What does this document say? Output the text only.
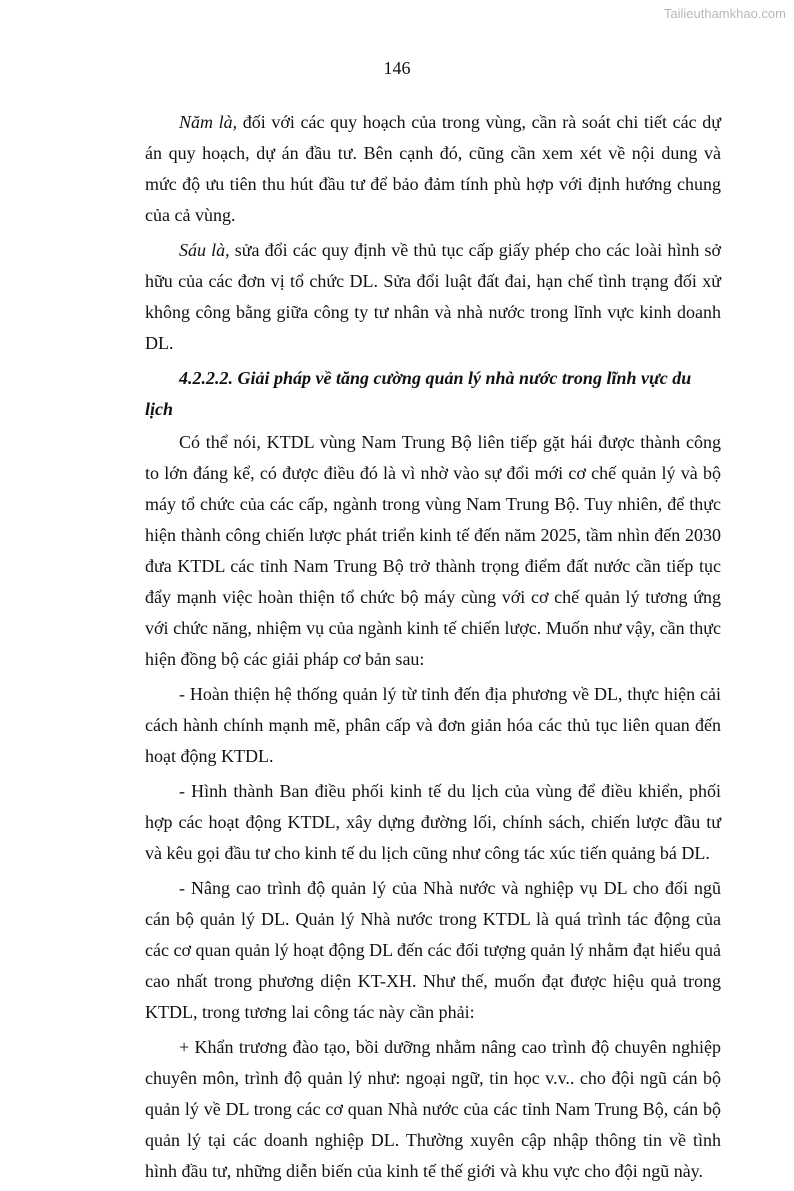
Tailieuthamkhao.com
146

Năm là, đối với các quy hoạch của trong vùng, cần rà soát chi tiết các dự án quy hoạch, dự án đầu tư. Bên cạnh đó, cũng cần xem xét về nội dung và mức độ ưu tiên thu hút đầu tư để bảo đảm tính phù hợp với định hướng chung của cả vùng.

Sáu là, sửa đổi các quy định về thủ tục cấp giấy phép cho các loài hình sở hữu của các đơn vị tổ chức DL. Sửa đổi luật đất đai, hạn chế tình trạng đối xử không công bằng giữa công ty tư nhân và nhà nước trong lĩnh vực kinh doanh DL.

4.2.2.2. Giải pháp về tăng cường quản lý nhà nước trong lĩnh vực du lịch

Có thể nói, KTDL vùng Nam Trung Bộ liên tiếp gặt hái được thành công to lớn đáng kể, có được điều đó là vì nhờ vào sự đổi mới cơ chế quản lý và bộ máy tổ chức của các cấp, ngành trong vùng Nam Trung Bộ. Tuy nhiên, để thực hiện thành công chiến lược phát triển kinh tế đến năm 2025, tầm nhìn đến 2030 đưa KTDL các tỉnh Nam Trung Bộ trở thành trọng điểm đất nước cần tiếp tục đẩy mạnh việc hoàn thiện tổ chức bộ máy cùng với cơ chế quản lý tương ứng với chức năng, nhiệm vụ của ngành kinh tế chiến lược. Muốn như vậy, cần thực hiện đồng bộ các giải pháp cơ bản sau:

- Hoàn thiện hệ thống quản lý từ tỉnh đến địa phương về DL, thực hiện cải cách hành chính mạnh mẽ, phân cấp và đơn giản hóa các thủ tục liên quan đến hoạt động KTDL.

- Hình thành Ban điều phối kinh tế du lịch của vùng để điều khiển, phối hợp các hoạt động KTDL, xây dựng đường lối, chính sách, chiến lược đầu tư và kêu gọi đầu tư cho kinh tế du lịch cũng như công tác xúc tiến quảng bá DL.

- Nâng cao trình độ quản lý của Nhà nước và nghiệp vụ DL cho đối ngũ cán bộ quản lý DL. Quản lý Nhà nước trong KTDL là quá trình tác động của các cơ quan quản lý hoạt động DL đến các đối tượng quản lý nhằm đạt hiểu quả cao nhất trong phương diện KT-XH. Như thế, muốn đạt được hiệu quả trong KTDL, trong tương lai công tác này cần phải:

+ Khẩn trương đào tạo, bồi dưỡng nhằm nâng cao trình độ chuyên nghiệp chuyên môn, trình độ quản lý như: ngoại ngữ, tin học v.v.. cho đội ngũ cán bộ quản lý về DL trong các cơ quan Nhà nước của các tỉnh Nam Trung Bộ, cán bộ quản lý tại các doanh nghiệp DL. Thường xuyên cập nhập thông tin về tình hình đầu tư, những diễn biến của kinh tế thế giới và khu vực cho đội ngũ này.
